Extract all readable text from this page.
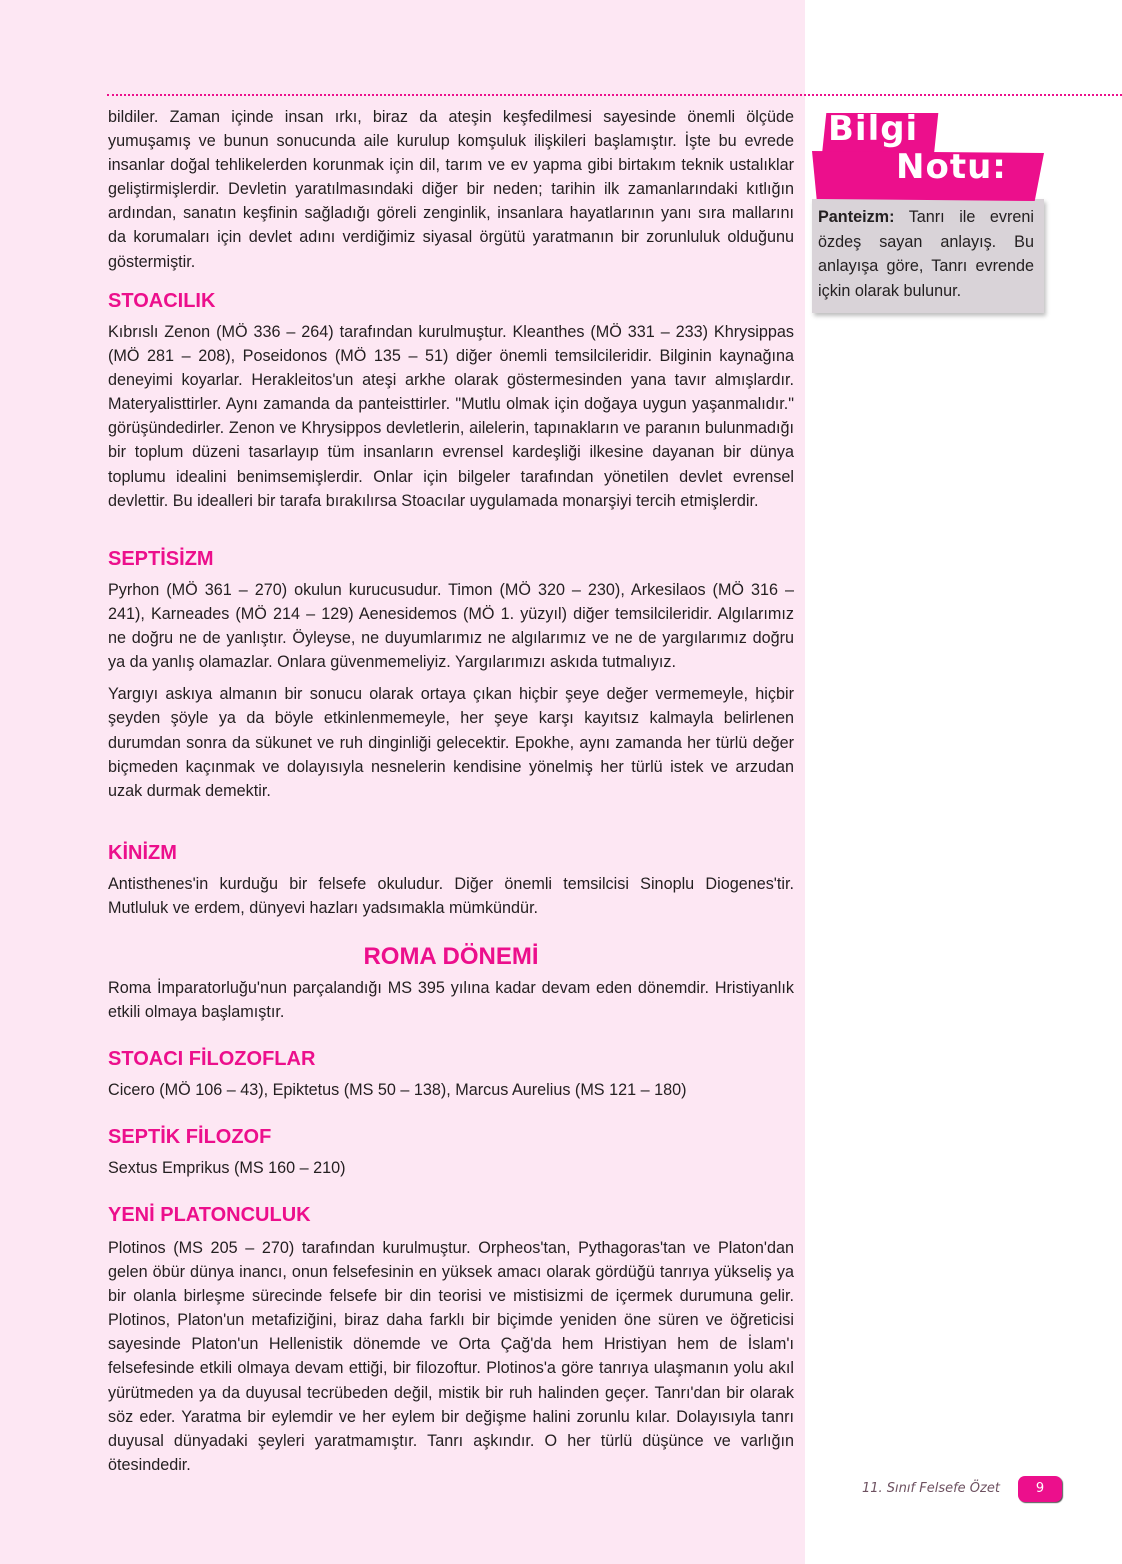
bildiler. Zaman içinde insan ırkı, biraz da ateşin keşfedilmesi sayesinde önemli ölçüde yumuşamış ve bunun sonucunda aile kurulup komşuluk ilişkileri başlamıştır. İşte bu evrede insanlar doğal tehlikelerden korunmak için dil, tarım ve ev yapma gibi birtakım teknik ustalıklar geliştirmişlerdir. Devletin yaratılmasındaki diğer bir neden; tarihin ilk zamanlarındaki kıtlığın ardından, sanatın keşfinin sağladığı göreli zenginlik, insanlara hayatlarının yanı sıra mallarını da korumaları için devlet adını verdiğimiz siyasal örgütü yaratmanın bir zorunluluk olduğunu göstermiştir.

STOACILIK

Kıbrıslı Zenon (MÖ 336 – 264) tarafından kurulmuştur. Kleanthes (MÖ 331 – 233) Khrysippas (MÖ 281 – 208), Poseidonos (MÖ 135 – 51) diğer önemli temsilcileridir. Bilginin kaynağına deneyimi koyarlar. Herakleitos'un ateşi arkhe olarak göstermesinden yana tavır almışlardır. Materyalisttirler. Aynı zamanda da panteisttirler. "Mutlu olmak için doğaya uygun yaşanmalıdır." görüşündedirler. Zenon ve Khrysippos devletlerin, ailelerin, tapınakların ve paranın bulunmadığı bir toplum düzeni tasarlayıp tüm insanların evrensel kardeşliği ilkesine dayanan bir dünya toplumu idealini benimsemişlerdir. Onlar için bilgeler tarafından yönetilen devlet evrensel devlettir. Bu idealleri bir tarafa bırakılırsa Stoacılar uygulamada monarşiyi tercih etmişlerdir.

SEPTİSİZM

Pyrhon (MÖ 361 – 270) okulun kurucusudur. Timon (MÖ 320 – 230), Arkesilaos (MÖ 316 – 241), Karneades (MÖ 214 – 129) Aenesidemos (MÖ 1. yüzyıl) diğer temsilcileridir. Algılarımız ne doğru ne de yanlıştır. Öyleyse, ne duyumlarımız ne algılarımız ve ne de yargılarımız doğru ya da yanlış olamazlar. Onlara güvenmemeliyiz. Yargılarımızı askıda tutmalıyız.

Yargıyı askıya almanın bir sonucu olarak ortaya çıkan hiçbir şeye değer vermemeyle, hiçbir şeyden şöyle ya da böyle etkinlenmemeyle, her şeye karşı kayıtsız kalmayla belirlenen durumdan sonra da sükunet ve ruh dinginliği gelecektir. Epokhe, aynı zamanda her türlü değer biçmeden kaçınmak ve dolayısıyla nesnelerin kendisine yönelmiş her türlü istek ve arzudan uzak durmak demektir.

KİNİZM

Antisthenes'in kurduğu bir felsefe okuludur. Diğer önemli temsilcisi Sinoplu Diogenes'tir. Mutluluk ve erdem, dünyevi hazları yadsımakla mümkündür.

ROMA DÖNEMİ

Roma İmparatorluğu'nun parçalandığı MS 395 yılına kadar devam eden dönemdir. Hristiyanlık etkili olmaya başlamıştır.

STOACI FİLOZOFLAR

Cicero (MÖ 106 – 43), Epiktetus (MS 50 – 138), Marcus Aurelius (MS 121 – 180)

SEPTİK FİLOZOF

Sextus Emprikus (MS 160 – 210)

YENİ PLATONCULUK

Plotinos (MS 205 – 270) tarafından kurulmuştur. Orpheos'tan, Pythagoras'tan ve Platon'dan gelen öbür dünya inancı, onun felsefesinin en yüksek amacı olarak gördüğü tanrıya yükseliş ya bir olanla birleşme sürecinde felsefe bir din teorisi ve mistisizmi de içermek durumuna gelir. Plotinos, Platon'un metafiziğini, biraz daha farklı bir biçimde yeniden öne süren ve öğreticisi sayesinde Platon'un Hellenistik dönemde ve Orta Çağ'da hem Hristiyan hem de İslam'ı felsefesinde etkili olmaya devam ettiği, bir filozoftur. Plotinos'a göre tanrıya ulaşmanın yolu akıl yürütmeden ya da duyusal tecrübeden değil, mistik bir ruh halinden geçer. Tanrı'dan bir olarak söz eder. Yaratma bir eylemdir ve her eylem bir değişme halini zorunlu kılar. Dolayısıyla tanrı duyusal dünyadaki şeyleri yaratmamıştır. Tanrı aşkındır. O her türlü düşünce ve varlığın ötesindedir.

Bilgi
Notu:

Panteizm: Tanrı ile evreni özdeş sayan anlayış. Bu anlayışa göre, Tanrı evrende içkin olarak bulunur.

11. Sınıf Felsefe Özet	9
